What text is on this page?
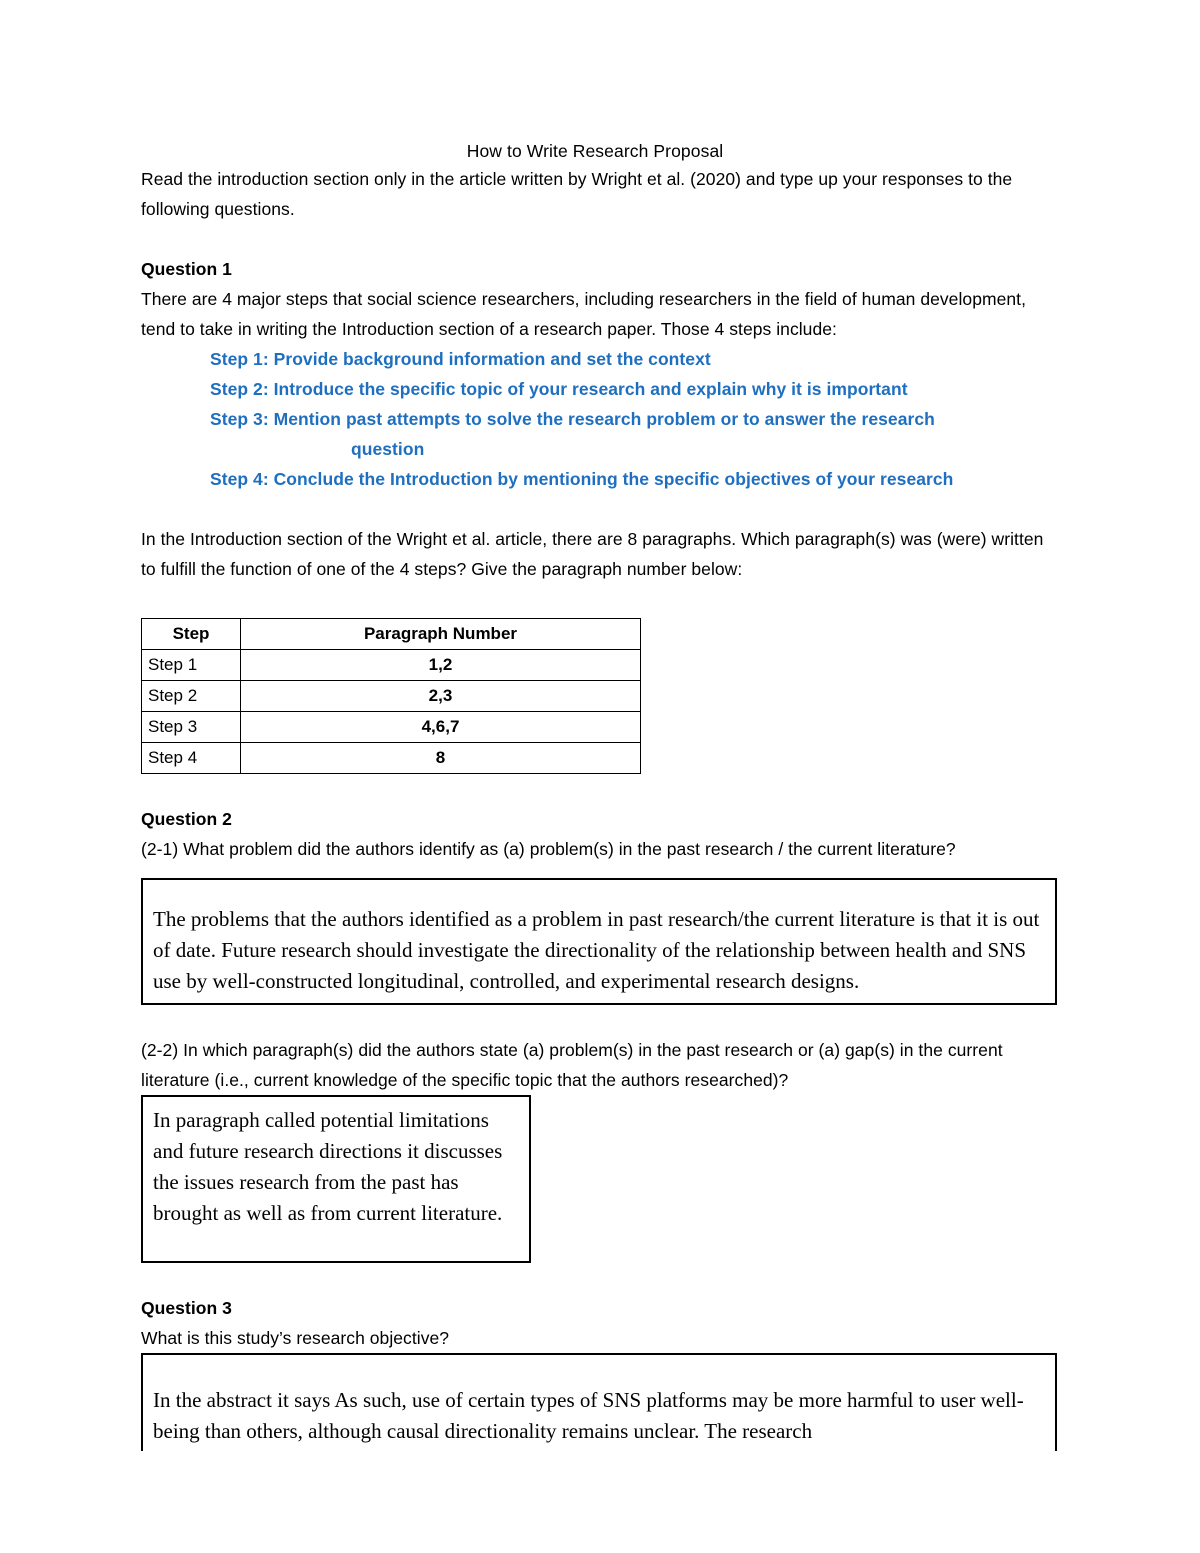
How to Write Research Proposal
Read the introduction section only in the article written by Wright et al. (2020) and type up your responses to the following questions.
Question 1
There are 4 major steps that social science researchers, including researchers in the field of human development, tend to take in writing the Introduction section of a research paper. Those 4 steps include:
Step 1: Provide background information and set the context
Step 2: Introduce the specific topic of your research and explain why it is important
Step 3: Mention past attempts to solve the research problem or to answer the research
question
Step 4: Conclude the Introduction by mentioning the specific objectives of your research
In the Introduction section of the Wright et al. article, there are 8 paragraphs. Which paragraph(s) was (were) written to fulfill the function of one of the 4 steps? Give the paragraph number below:
Step	Paragraph Number
Step 1	1,2
Step 2	2,3
Step 3	4,6,7
Step 4	8
Question 2
(2-1) What problem did the authors identify as (a) problem(s) in the past research / the current literature?

The problems that the authors identified as a problem in past research/the current literature is that it is out of date. Future research should investigate the directionality of the relationship between health and SNS use by well-constructed longitudinal, controlled, and experimental research designs.

(2-2) In which paragraph(s) did the authors state (a) problem(s) in the past research or (a) gap(s) in the current literature (i.e., current knowledge of the specific topic that the authors researched)?

In paragraph called potential limitations and future research directions it discusses the issues research from the past has brought as well as from current literature.

Question 3
What is this study’s research objective?

In the abstract it says As such, use of certain types of SNS platforms may be more harmful to user well-being than others, although causal directionality remains unclear. The research
